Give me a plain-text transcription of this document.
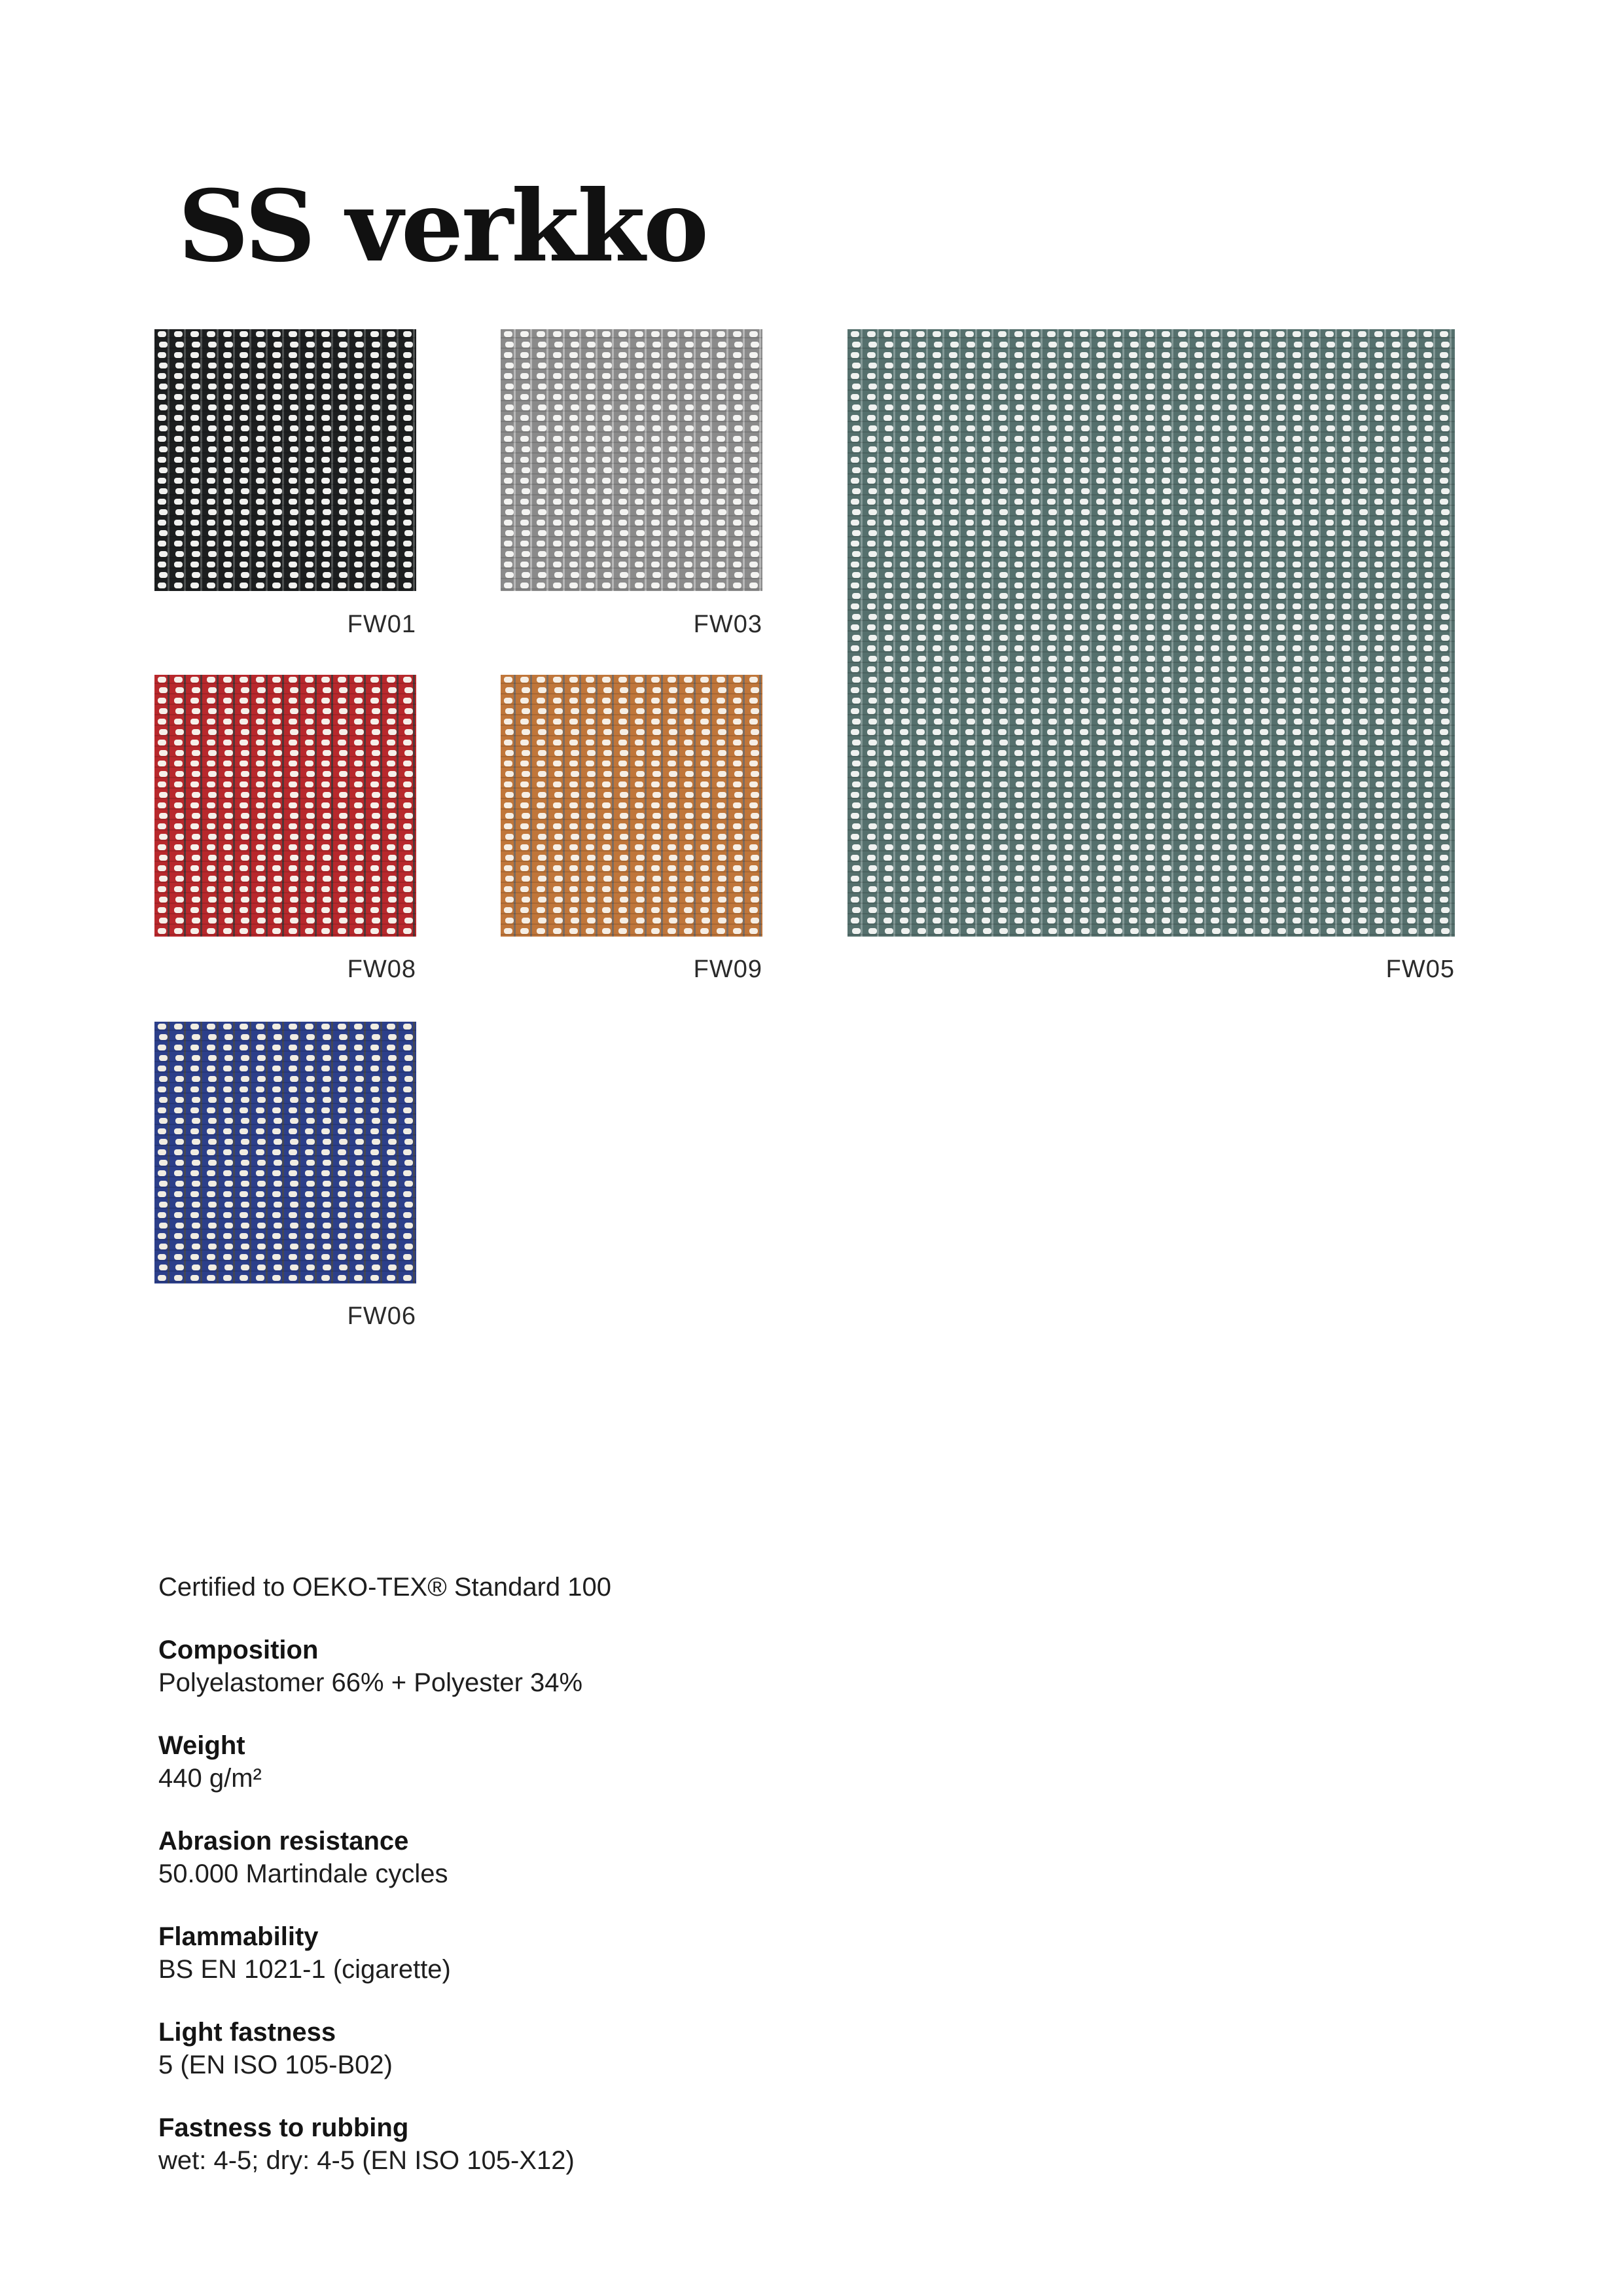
SS verkko
FW01	FW03
FW05
FW08	FW09
FW06
Certified to OEKO-TEX® Standard 100
Composition
Polyelastomer 66% + Polyester 34%
Weight
440 g/m²
Abrasion resistance
50.000 Martindale cycles
Flammability
BS EN 1021-1 (cigarette)
Light fastness
5 (EN ISO 105-B02)
Fastness to rubbing
wet: 4-5; dry: 4-5 (EN ISO 105-X12)
